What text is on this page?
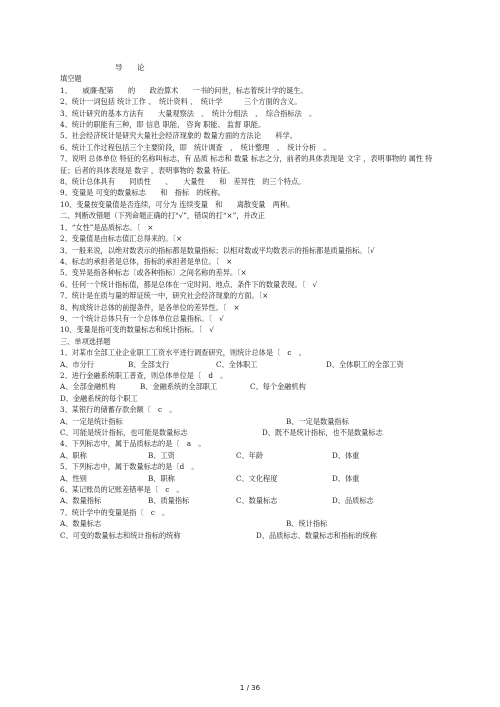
导 论
填空题
1、　　威廉·配第　　的　　政治算术　　一书的问世，标志着统计学的诞生。
2、统计一词包括 统计工作 、　统计资料 、　统计学　　　三个方面的含义。
3、统计研究的基本方法有　　大量观察法　、　统计分组法　、　综合指标法　。
4、统计的职能有三种，即 信息 职能、 咨询 职能、 监督 职能。
5、社会经济统计是研究大量社会经济现象的 数量方面的方法论　　科学。
6、统计工作过程包括三个主要阶段，即　统计调查　、　统计整理　、　统计分析　。
7、说明 总体单位 特征的名称叫标志，有 品质 标志和 数量 标志之分，前者的具体表现是 文字 ，表明事物的 属性 特征；后者的具体表现是 数字 ，表明事物的 数量 特征。
8、统计总体具有　　同质性　　、　　大量性　　和　差异性　的三个特点。
9、变量是 可变的数量标志　　和　指标　的统称。
10、变量按变量值是否连续，可分为 连续变量　和　　离散变量　两种。
二、判断改错题（下列命题正确的打“√”，错误的打“×”，并改正
1、“女性”是品质标志。〔　×
2、变量值是由标志值汇总得来的。〔×
3、一般来说，以绝对数表示的指标都是数量指标；以相对数或平均数表示的指标都是质量指标。〔√
4、标志的承担者是总体，指标的承担者是单位。〔　×
5、变异是指各种标志〔或各种指标〕之间名称的差异。〔×
6、任何一个统计指标值，都是总体在一定时间、地点、条件下的数量表现。〔　√
7、统计是在质与量的辩证统一中，研究社会经济现象的方面。〔×
8、构成统计总体的前提条件，是各单位的差异性。〔　×
9、一个统计总体只有一个总体单位总量指标。〔　√
10、变量是指可变的数量标志和统计指标。〔　√
三、单项选择题
1、对某市全部工业企业职工工资水平进行调查研究，则统计总体是〔　c　。
A、市分行	B、全部支行	C、全体职工	D、全体职工的全部工资
2、进行金融系统职工普查，则总体单位是〔　d　。
A、全部金融机构	B、金融系统的全部职工	C、每个金融机构
D、金融系统的每个职工
3、某银行的储蓄存款余额〔　c　。
A、一定是统计指标	B、一定是数量指标
C、可能是统计指标，也可能是数量标志	D、既不是统计指标，也不是数量标志
4、下列标志中，属于品质标志的是〔　a　。
A、职称	B、工资	C、年龄	D、体重
5、下列标志中，属于数量标志的是〔d　。
A、性别	B、职称	C、文化程度	D、体重
6、某记账员的记账差错率是〔　c　。
A、数量指标	B、质量指标	C、数量标志	D、品质标志
7、统计学中的变量是指〔　c　。
A、数量标志	B、统计指标
C、可变的数量标志和统计指标的统称	D、品质标志、数量标志和指标的统称
1 / 36
